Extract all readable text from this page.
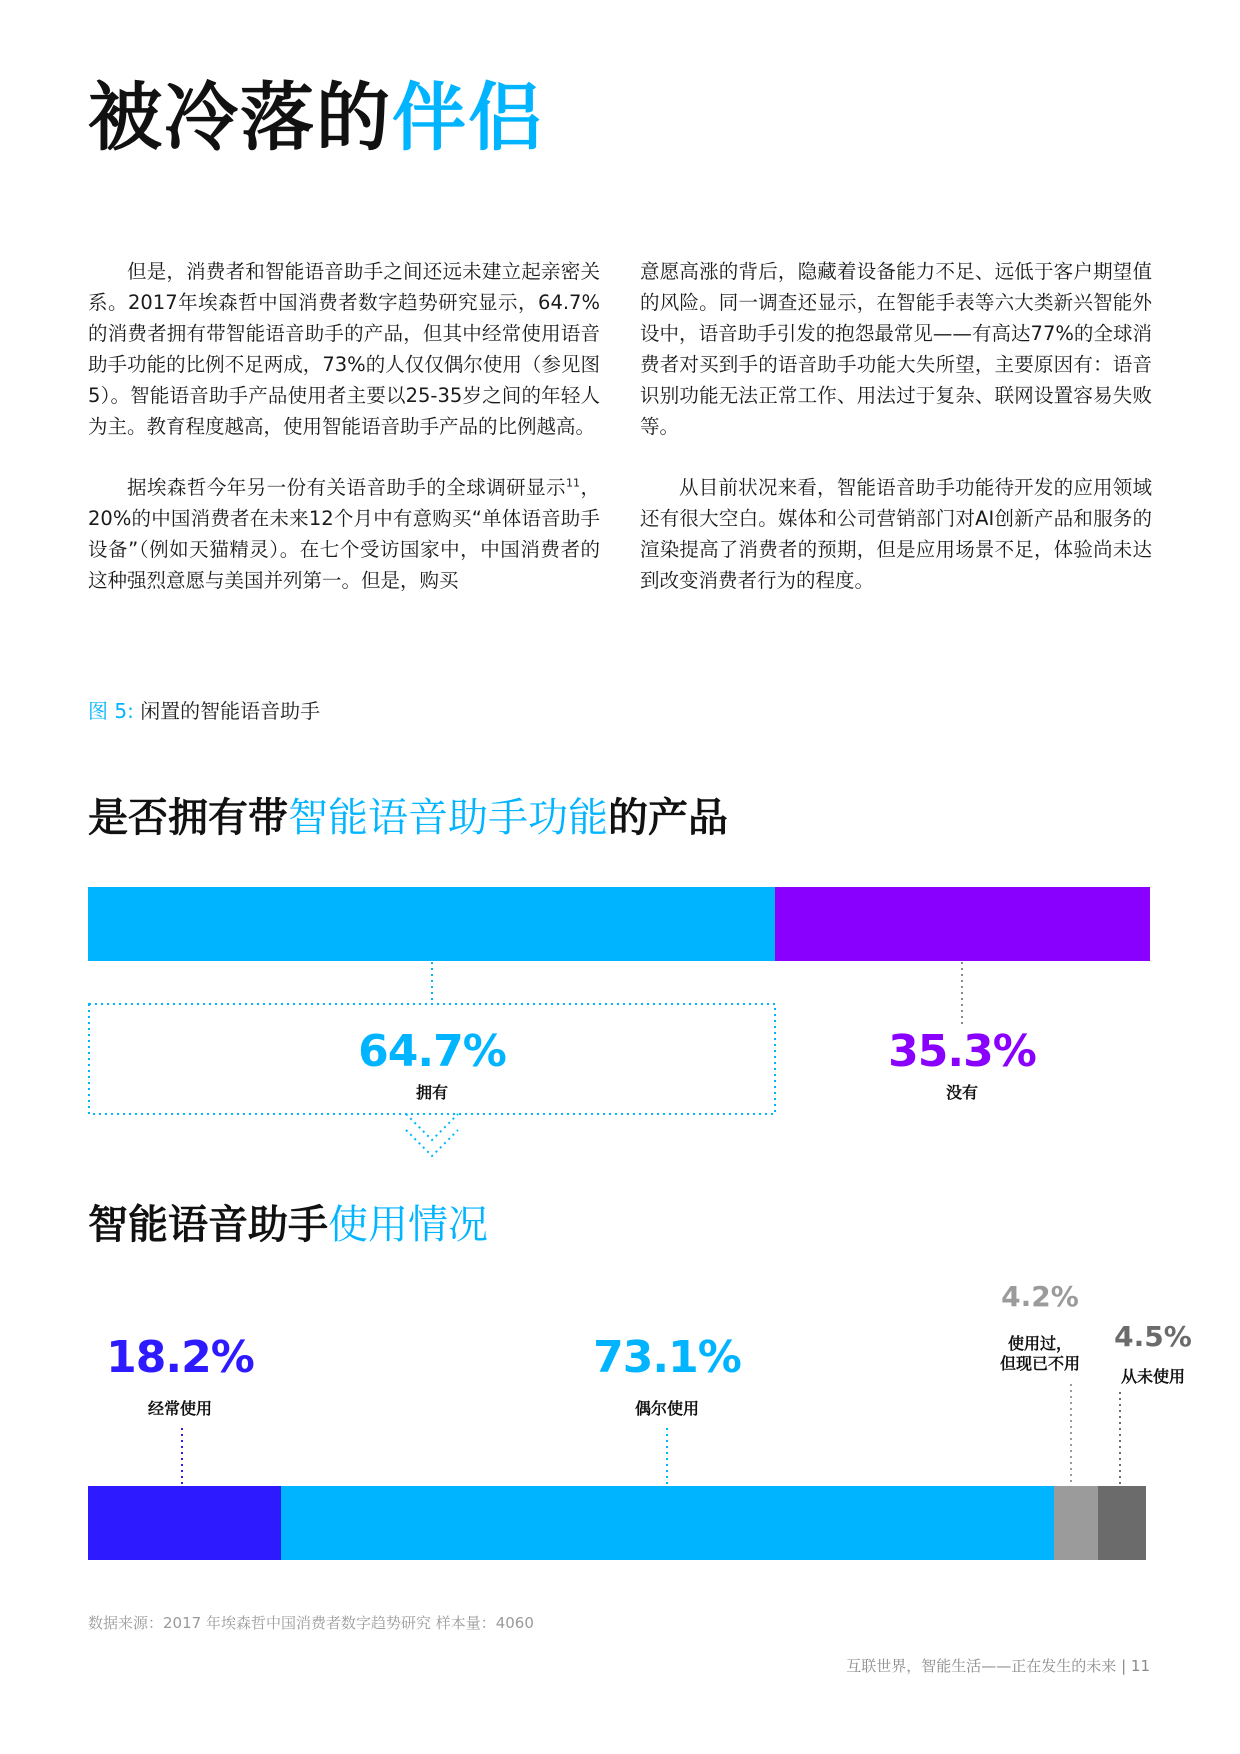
被冷落的伴侣

但是，消费者和智能语音助手之间还远未建立起亲密关系。2017年埃森哲中国消费者数字趋势研究显示，64.7%的消费者拥有带智能语音助手的产品，但其中经常使用语音助手功能的比例不足两成，73%的人仅仅偶尔使用（参见图5）。智能语音助手产品使用者主要以25-35岁之间的年轻人为主。教育程度越高，使用智能语音助手产品的比例越高。

据埃森哲今年另一份有关语音助手的全球调研显示$^{11}$，20%的中国消费者在未来12个月中有意购买“单体语音助手设备”（例如天猫精灵）。在七个受访国家中，中国消费者的这种强烈意愿与美国并列第一。但是，购买

意愿高涨的背后，隐藏着设备能力不足、远低于客户期望值的风险。同一调查还显示，在智能手表等六大类新兴智能外设中，语音助手引发的抱怨最常见——有高达77%的全球消费者对买到手的语音助手功能大失所望，主要原因有：语音识别功能无法正常工作、用法过于复杂、联网设置容易失败等。

从目前状况来看，智能语音助手功能待开发的应用领域还有很大空白。媒体和公司营销部门对AI创新产品和服务的渲染提高了消费者的预期，但是应用场景不足，体验尚未达到改变消费者行为的程度。

图 5: 闲置的智能语音助手
是否拥有带智能语音助手功能的产品
64.7%
拥有
35.3%
没有
智能语音助手使用情况
18.2%
经常使用
73.1%
偶尔使用
4.2%
使用过，
但现已不用
4.5%
从未使用
数据来源：2017 年埃森哲中国消费者数字趋势研究 样本量：4060
互联世界，智能生活——正在发生的未来 | 11
